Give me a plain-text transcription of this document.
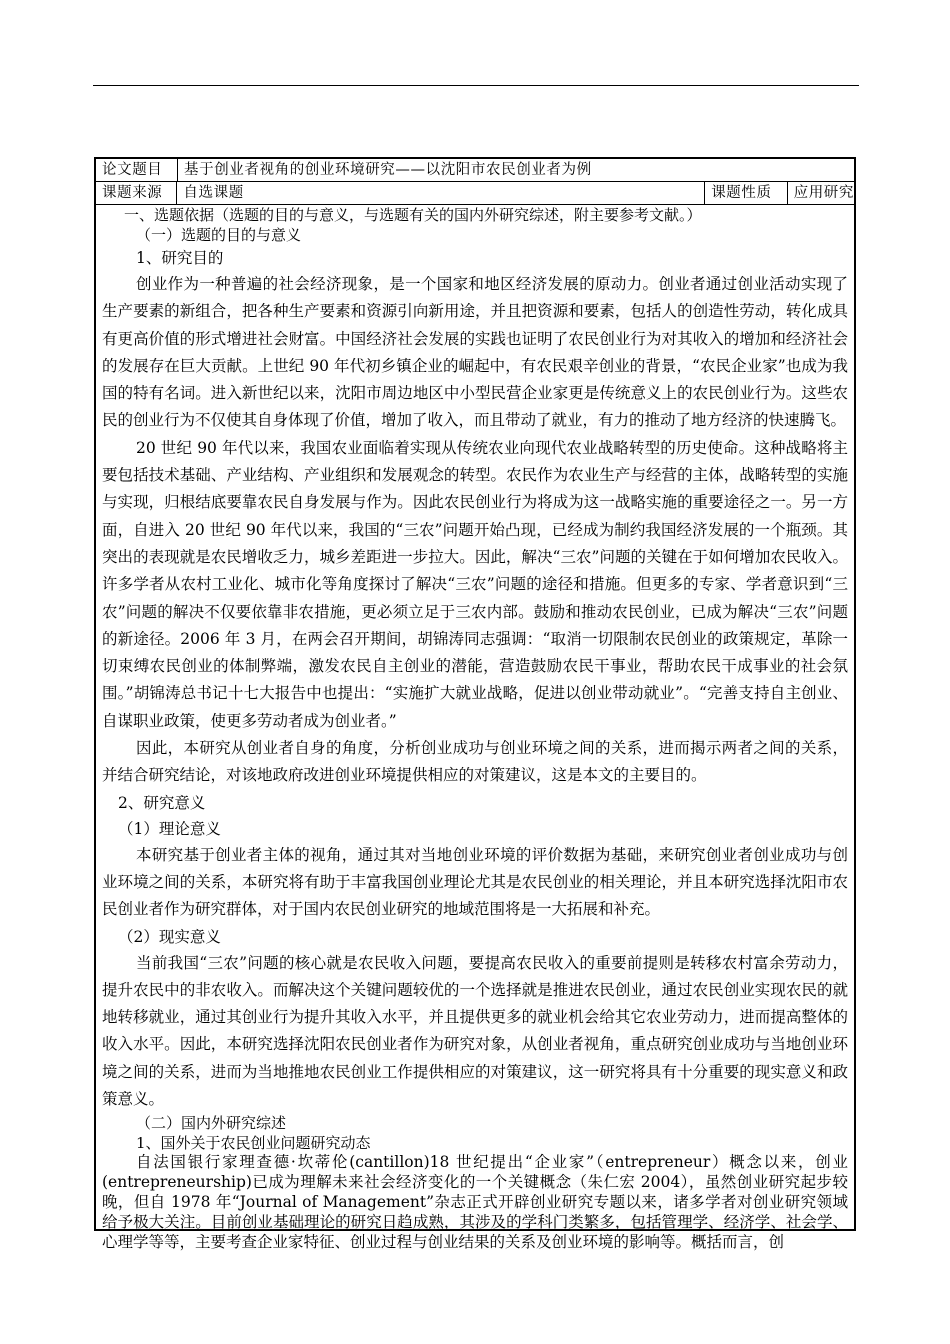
论文题目	基于创业者视角的创业环境研究——以沈阳市农民创业者为例
课题来源	自选课题	课题性质	应用研究

一、选题依据（选题的目的与意义，与选题有关的国内外研究综述，附主要参考文献。）

（一）选题的目的与意义

1、研究目的

创业作为一种普遍的社会经济现象，是一个国家和地区经济发展的原动力。创业者通过创业活动实现了生产要素的新组合，把各种生产要素和资源引向新用途，并且把资源和要素，包括人的创造性劳动，转化成具有更高价值的形式增进社会财富。中国经济社会发展的实践也证明了农民创业行为对其收入的增加和经济社会的发展存在巨大贡献。上世纪 90 年代初乡镇企业的崛起中，有农民艰辛创业的背景，“农民企业家”也成为我国的特有名词。进入新世纪以来，沈阳市周边地区中小型民营企业家更是传统意义上的农民创业行为。这些农民的创业行为不仅使其自身体现了价值，增加了收入，而且带动了就业，有力的推动了地方经济的快速腾飞。

20 世纪 90 年代以来，我国农业面临着实现从传统农业向现代农业战略转型的历史使命。这种战略将主要包括技术基础、产业结构、产业组织和发展观念的转型。农民作为农业生产与经营的主体，战略转型的实施与实现，归根结底要靠农民自身发展与作为。因此农民创业行为将成为这一战略实施的重要途径之一。另一方面，自进入 20 世纪 90 年代以来，我国的“三农”问题开始凸现，已经成为制约我国经济发展的一个瓶颈。其突出的表现就是农民增收乏力，城乡差距进一步拉大。因此，解决“三农”问题的关键在于如何增加农民收入。许多学者从农村工业化、城市化等角度探讨了解决“三农”问题的途径和措施。但更多的专家、学者意识到“三农”问题的解决不仅要依靠非农措施，更必须立足于三农内部。鼓励和推动农民创业，已成为解决“三农”问题的新途径。2006 年 3 月，在两会召开期间，胡锦涛同志强调：“取消一切限制农民创业的政策规定，革除一切束缚农民创业的体制弊端，激发农民自主创业的潜能，营造鼓励农民干事业，帮助农民干成事业的社会氛围。”胡锦涛总书记十七大报告中也提出：“实施扩大就业战略，促进以创业带动就业”。“完善支持自主创业、自谋职业政策，使更多劳动者成为创业者。”

因此，本研究从创业者自身的角度，分析创业成功与创业环境之间的关系，进而揭示两者之间的关系，并结合研究结论，对该地政府改进创业环境提供相应的对策建议，这是本文的主要目的。

2、研究意义

（1）理论意义

本研究基于创业者主体的视角，通过其对当地创业环境的评价数据为基础，来研究创业者创业成功与创业环境之间的关系，本研究将有助于丰富我国创业理论尤其是农民创业的相关理论，并且本研究选择沈阳市农民创业者作为研究群体，对于国内农民创业研究的地域范围将是一大拓展和补充。

（2）现实意义

当前我国“三农”问题的核心就是农民收入问题，要提高农民收入的重要前提则是转移农村富余劳动力，提升农民中的非农收入。而解决这个关键问题较优的一个选择就是推进农民创业，通过农民创业实现农民的就地转移就业，通过其创业行为提升其收入水平，并且提供更多的就业机会给其它农业劳动力，进而提高整体的收入水平。因此，本研究选择沈阳农民创业者作为研究对象，从创业者视角，重点研究创业成功与当地创业环境之间的关系，进而为当地推地农民创业工作提供相应的对策建议，这一研究将具有十分重要的现实意义和政策意义。

（二）国内外研究综述

1、国外关于农民创业问题研究动态

自法国银行家理查德·坎蒂伦(cantillon)18 世纪提出“企业家”（entrepreneur）概念以来，创业(entrepreneurship)已成为理解未来社会经济变化的一个关键概念（朱仁宏 2004），虽然创业研究起步较晚，但自 1978 年“Journal of Management”杂志正式开辟创业研究专题以来，诸多学者对创业研究领域给予极大关注。目前创业基础理论的研究日趋成熟，其涉及的学科门类繁多，包括管理学、经济学、社会学、心理学等等，主要考查企业家特征、创业过程与创业结果的关系及创业环境的影响等。概括而言，创
